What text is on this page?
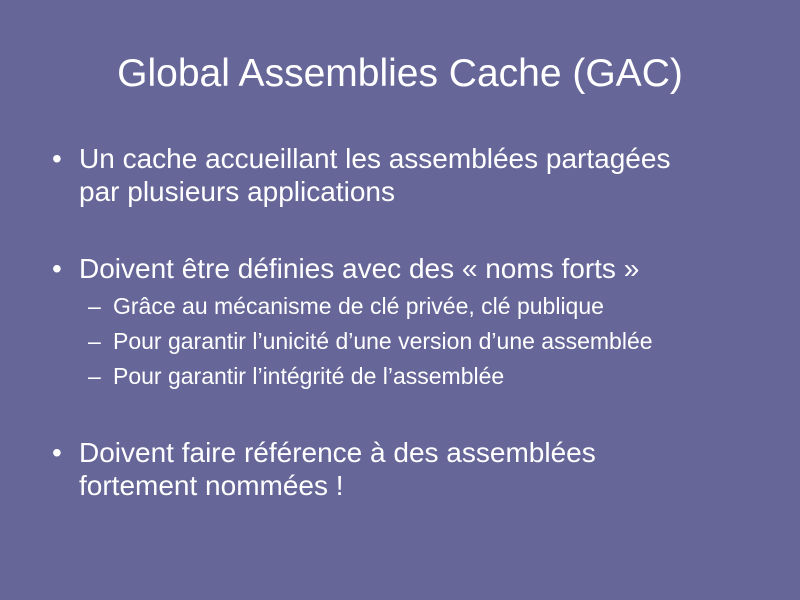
Global Assemblies Cache (GAC)
• Un cache accueillant les assemblées partagées
par plusieurs applications
• Doivent être définies avec des « noms forts »
– Grâce au mécanisme de clé privée, clé publique
– Pour garantir l’unicité d’une version d’une assemblée
– Pour garantir l’intégrité de l’assemblée
• Doivent faire référence à des assemblées
fortement nommées !
